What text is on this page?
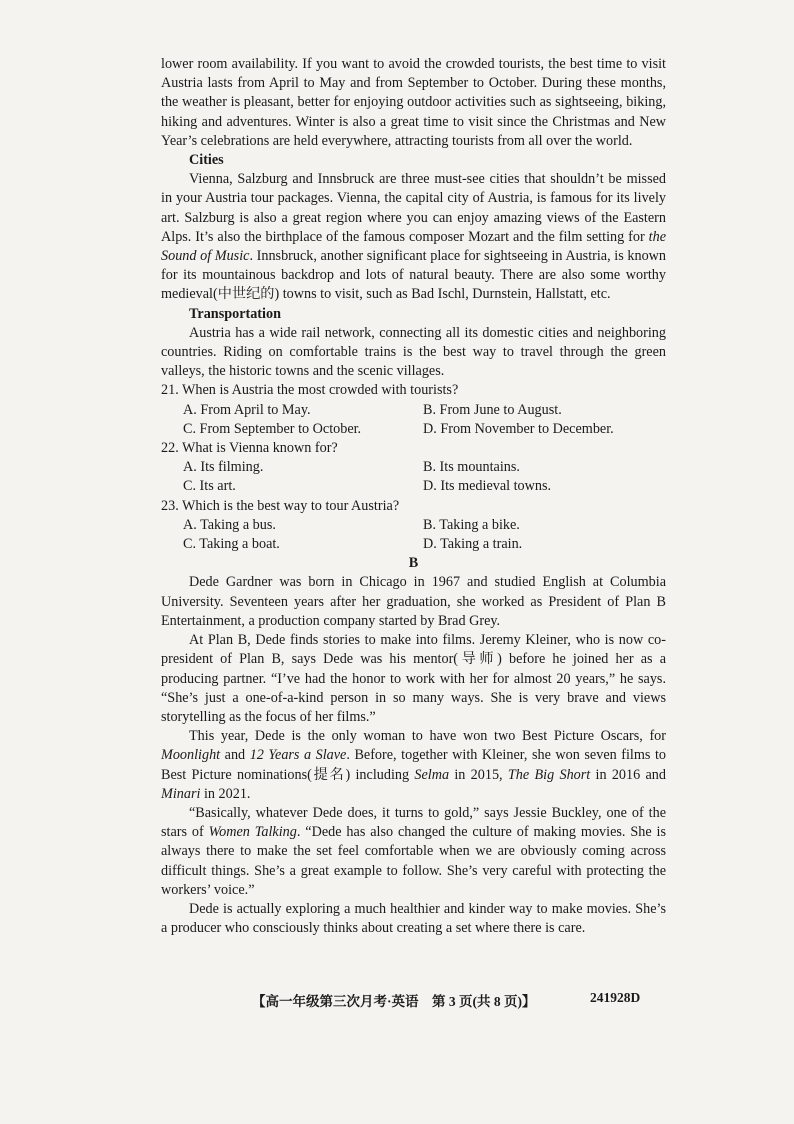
lower room availability. If you want to avoid the crowded tourists, the best time to visit Austria lasts from April to May and from September to October. During these months, the weather is pleasant, better for enjoying outdoor activities such as sightseeing, biking, hiking and adventures. Winter is also a great time to visit since the Christmas and New Year’s celebrations are held everywhere, attracting tourists from all over the world.

Cities

Vienna, Salzburg and Innsbruck are three must-see cities that shouldn’t be missed in your Austria tour packages. Vienna, the capital city of Austria, is famous for its lively art. Salzburg is also a great region where you can enjoy amazing views of the Eastern Alps. It’s also the birthplace of the famous composer Mozart and the film setting for the Sound of Music. Innsbruck, another significant place for sightseeing in Austria, is known for its mountainous backdrop and lots of natural beauty. There are also some worthy medieval(中世纪的) towns to visit, such as Bad Ischl, Durnstein, Hallstatt, etc.

Transportation

Austria has a wide rail network, connecting all its domestic cities and neighboring countries. Riding on comfortable trains is the best way to travel through the green valleys, the historic towns and the scenic villages.

21. When is Austria the most crowded with tourists?

A. From April to May.	B. From June to August.
C. From September to October.	D. From November to December.

22. What is Vienna known for?

A. Its filming.	B. Its mountains.
C. Its art.	D. Its medieval towns.

23. Which is the best way to tour Austria?

A. Taking a bus.	B. Taking a bike.
C. Taking a boat.	D. Taking a train.

B

Dede Gardner was born in Chicago in 1967 and studied English at Columbia University. Seventeen years after her graduation, she worked as President of Plan B Entertainment, a production company started by Brad Grey.

At Plan B, Dede finds stories to make into films. Jeremy Kleiner, who is now co-president of Plan B, says Dede was his mentor(导师) before he joined her as a producing partner. “I’ve had the honor to work with her for almost 20 years,” he says. “She’s just a one-of-a-kind person in so many ways. She is very brave and views storytelling as the focus of her films.”

This year, Dede is the only woman to have won two Best Picture Oscars, for Moonlight and 12 Years a Slave. Before, together with Kleiner, she won seven films to Best Picture nominations(提名) including Selma in 2015, The Big Short in 2016 and Minari in 2021.

“Basically, whatever Dede does, it turns to gold,” says Jessie Buckley, one of the stars of Women Talking. “Dede has also changed the culture of making movies. She is always there to make the set feel comfortable when we are obviously coming across difficult things. She’s a great example to follow. She’s very careful with protecting the workers’ voice.”

Dede is actually exploring a much healthier and kinder way to make movies. She’s a producer who consciously thinks about creating a set where there is care.

【高一年级第三次月考·英语　第 3 页(共 8 页)】	241928D
